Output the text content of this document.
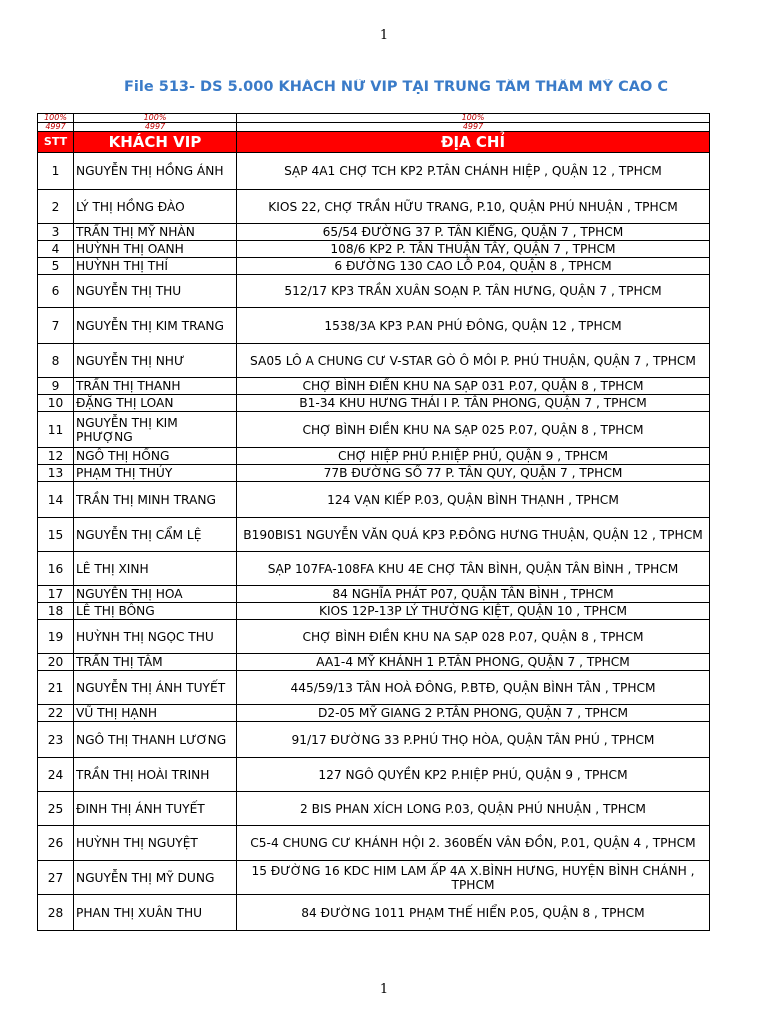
1
File 513- DS 5.000 KHÁCH NỮ VIP TẠI TRUNG TÂM THẨM MỸ CAO C
100%	100%	100%
4997	4997	4997
STT	KHÁCH VIP	ĐỊA CHỈ
1	NGUYỄN THỊ HỒNG ÁNH	SẠP 4A1 CHỢ TCH KP2 P.TÂN CHÁNH HIỆP , QUẬN 12 , TPHCM
2	LÝ THỊ HỒNG ĐÀO	KIOS 22, CHỢ TRẦN HỮU TRANG, P.10, QUẬN PHÚ NHUẬN , TPHCM
3	TRẦN THỊ MỸ NHÀN	65/54 ĐƯỜNG 37 P. TÂN KIỂNG, QUẬN 7 , TPHCM
4	HUỲNH THỊ OANH	108/6 KP2 P. TÂN THUẬN TÂY, QUẬN 7 , TPHCM
5	HUỲNH THỊ THỈ	6 ĐƯỜNG 130 CAO LỖ P.04, QUẬN 8 , TPHCM
6	NGUYỄN THỊ THU	512/17 KP3 TRẦN XUÂN SOẠN P. TÂN HƯNG, QUẬN 7 , TPHCM
7	NGUYỄN THỊ KIM TRANG	1538/3A KP3 P.AN PHÚ ĐÔNG, QUẬN 12 , TPHCM
8	NGUYỄN THỊ NHƯ	SA05 LÔ A CHUNG CƯ V-STAR GÒ Ô MÔI P. PHÚ THUẬN, QUẬN 7 , TPHCM
9	TRẦN THỊ THANH	CHỢ BÌNH ĐIỀN KHU NA SẠP 031 P.07, QUẬN 8 , TPHCM
10	ĐẶNG THỊ LOAN	B1-34 KHU HƯNG THÁI I P. TÂN PHONG, QUẬN 7 , TPHCM
11	NGUYỄN THỊ KIM PHƯỢNG	CHỢ BÌNH ĐIỀN KHU NA SẠP 025 P.07, QUẬN 8 , TPHCM
12	NGÔ THỊ HỒNG	CHỢ HIỆP PHÚ P.HIỆP PHÚ, QUẬN 9 , TPHCM
13	PHẠM THỊ THÚY	77B ĐƯỜNG SỐ 77 P. TÂN QUY, QUẬN 7 , TPHCM
14	TRẦN THỊ MINH TRANG	124 VẠN KIẾP P.03, QUẬN BÌNH THẠNH , TPHCM
15	NGUYỄN THỊ CẨM LỆ	B190BIS1 NGUYỄN VĂN QUÁ KP3 P.ĐÔNG HƯNG THUẬN, QUẬN 12 , TPHCM
16	LÊ THỊ XINH	SẠP 107FA-108FA KHU 4E CHỢ TÂN BÌNH, QUẬN TÂN BÌNH , TPHCM
17	NGUYỄN THỊ HOA	84 NGHĨA PHÁT P07, QUẬN TÂN BÌNH , TPHCM
18	LÊ THỊ BÔNG	KIOS 12P-13P LÝ THƯỜNG KIỆT, QUẬN 10 , TPHCM
19	HUỲNH THỊ NGỌC THU	CHỢ BÌNH ĐIỀN KHU NA SẠP 028 P.07, QUẬN 8 , TPHCM
20	TRẦN THỊ TÂM	AA1-4 MỸ KHÁNH 1 P.TÂN PHONG, QUẬN 7 , TPHCM
21	NGUYỄN THỊ ÁNH TUYẾT	445/59/13 TÂN HOÀ ĐÔNG, P.BTĐ, QUẬN BÌNH TÂN , TPHCM
22	VŨ THỊ HẠNH	D2-05 MỸ GIANG 2 P.TÂN PHONG, QUẬN 7 , TPHCM
23	NGÔ THỊ THANH LƯƠNG	91/17 ĐƯỜNG 33 P.PHÚ THỌ HÒA, QUẬN TÂN PHÚ , TPHCM
24	TRẦN THỊ HOÀI TRINH	127 NGÔ QUYỀN KP2 P.HIỆP PHÚ, QUẬN 9 , TPHCM
25	ĐINH THỊ ÁNH TUYẾT	2 BIS PHAN XÍCH LONG P.03, QUẬN PHÚ NHUẬN , TPHCM
26	HUỲNH THỊ NGUYỆT	C5-4 CHUNG CƯ KHÁNH HỘI 2. 360BẾN VÂN ĐỒN, P.01, QUẬN 4 , TPHCM
27	NGUYỄN THỊ MỸ DUNG	15 ĐƯỜNG 16 KDC HIM LAM ẤP 4A X.BÌNH HƯNG, HUYỆN BÌNH CHÁNH , TPHCM
28	PHAN THỊ XUÂN THU	84 ĐƯỜNG 1011 PHẠM THẾ HIỂN P.05, QUẬN 8 , TPHCM
1
